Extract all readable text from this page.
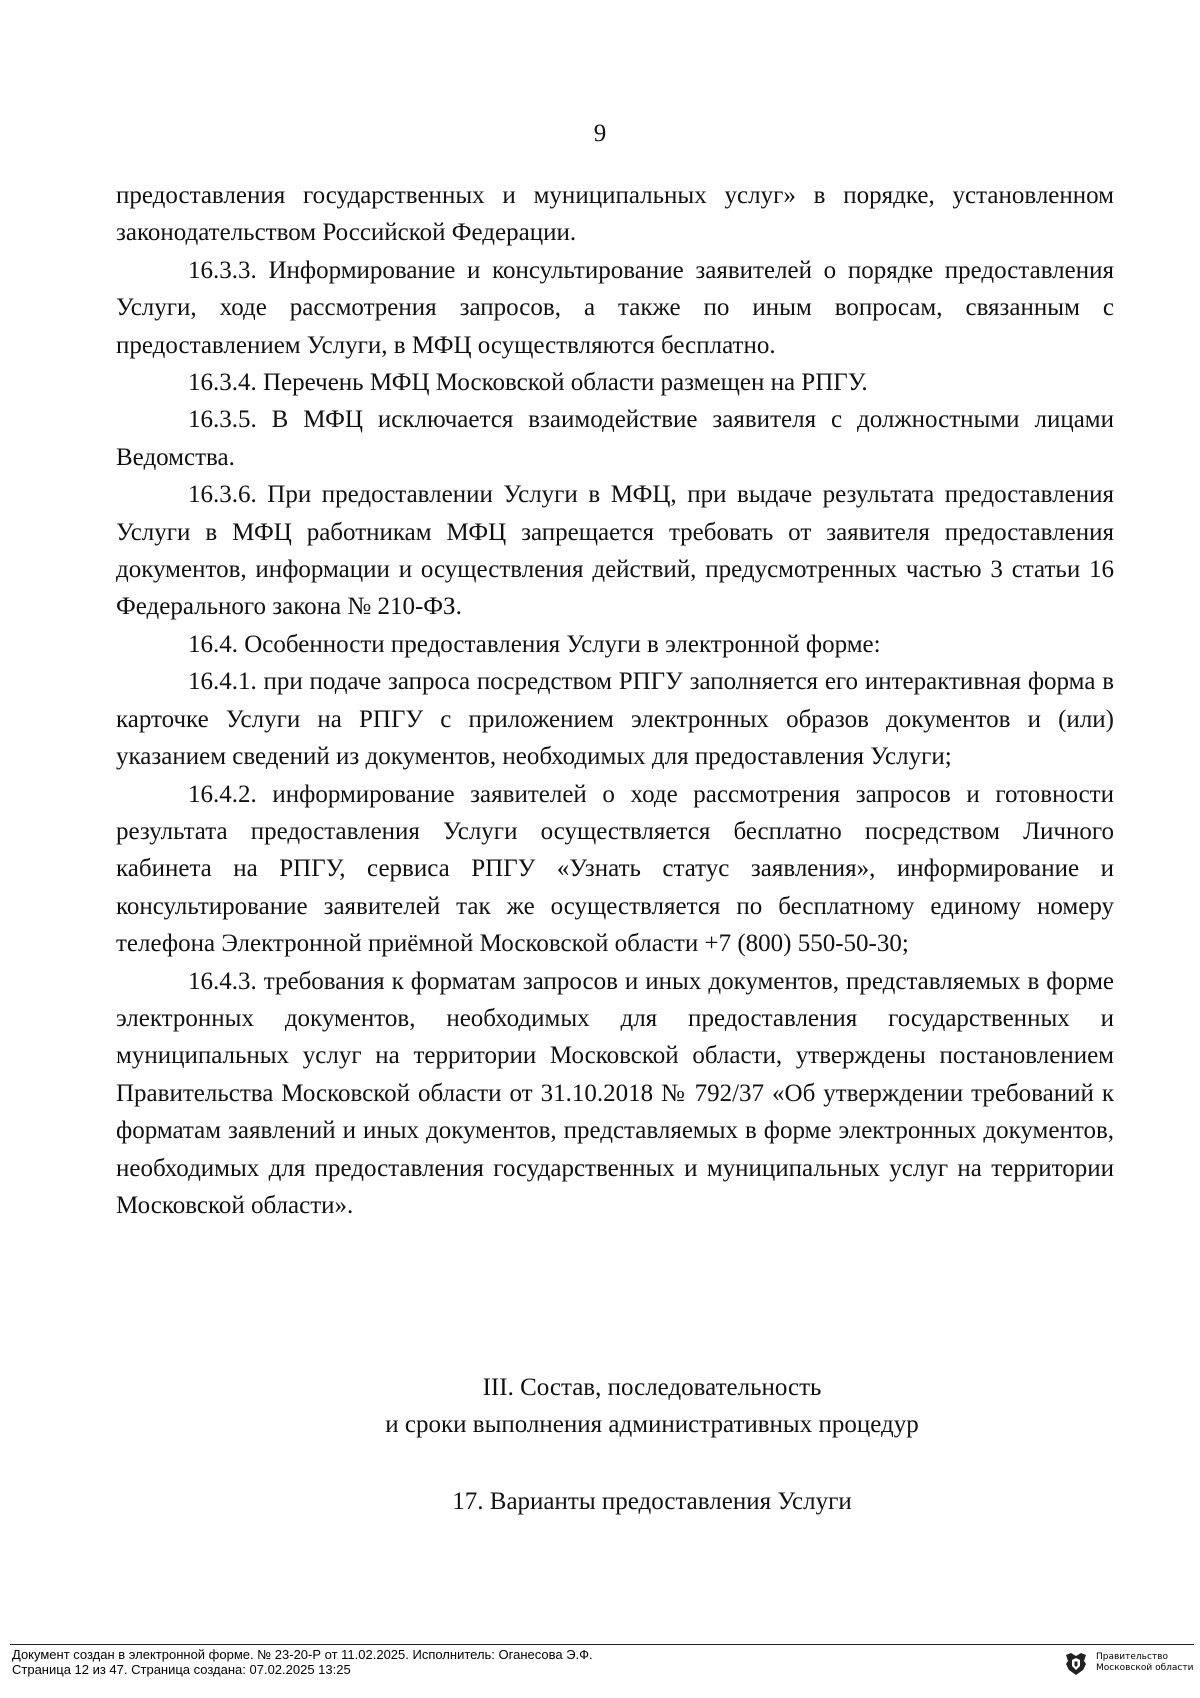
9

предоставления государственных и муниципальных услуг» в порядке, установленном законодательством Российской Федерации.

16.3.3. Информирование и консультирование заявителей о порядке предоставления Услуги, ходе рассмотрения запросов, а также по иным вопросам, связанным с предоставлением Услуги, в МФЦ осуществляются бесплатно.

16.3.4. Перечень МФЦ Московской области размещен на РПГУ.

16.3.5. В МФЦ исключается взаимодействие заявителя с должностными лицами Ведомства.

16.3.6. При предоставлении Услуги в МФЦ, при выдаче результата предоставления Услуги в МФЦ работникам МФЦ запрещается требовать от заявителя предоставления документов, информации и осуществления действий, предусмотренных частью 3 статьи 16 Федерального закона № 210-ФЗ.

16.4. Особенности предоставления Услуги в электронной форме:

16.4.1. при подаче запроса посредством РПГУ заполняется его интерактивная форма в карточке Услуги на РПГУ с приложением электронных образов документов и (или) указанием сведений из документов, необходимых для предоставления Услуги;

16.4.2. информирование заявителей о ходе рассмотрения запросов и готовности результата предоставления Услуги осуществляется бесплатно посредством Личного кабинета на РПГУ, сервиса РПГУ «Узнать статус заявления», информирование и консультирование заявителей так же осуществляется по бесплатному единому номеру телефона Электронной приёмной Московской области +7 (800) 550-50-30;

16.4.3. требования к форматам запросов и иных документов, представляемых в форме электронных документов, необходимых для предоставления государственных и муниципальных услуг на территории Московской области, утверждены постановлением Правительства Московской области от 31.10.2018 № 792/37 «Об утверждении требований к форматам заявлений и иных документов, представляемых в форме электронных документов, необходимых для предоставления государственных и муниципальных услуг на территории Московской области».

III. Состав, последовательность
и сроки выполнения административных процедур
17. Варианты предоставления Услуги
Документ создан в электронной форме. № 23-20-Р от 11.02.2025. Исполнитель: Оганесова Э.Ф.
Страница 12 из 47. Страница создана: 07.02.2025 13:25
Правительство
Московской области
